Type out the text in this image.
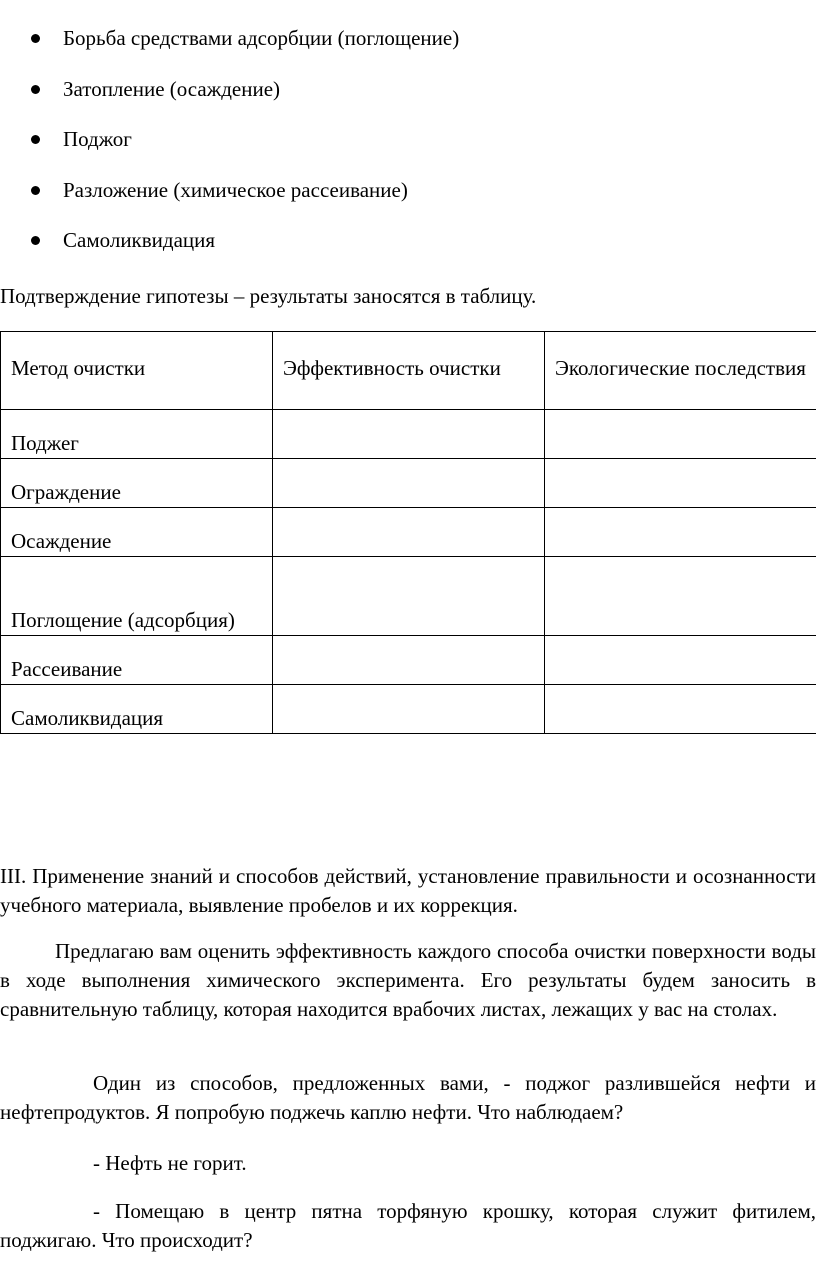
Борьба средствами адсорбции (поглощение)
Затопление (осаждение)
Поджог
Разложение (химическое рассеивание)
Самоликвидация

Подтверждение гипотезы – результаты заносятся в таблицу.

Метод очистки	Эффективность очистки	Экологические последствия
Поджег		
Ограждение		
Осаждение		
Поглощение (адсорбция)		
Рассеивание		
Самоликвидация		

III. Применение знаний и способов действий, установление правильности и осознанности учебного материала, выявление пробелов и их коррекция.

Предлагаю вам оценить эффективность каждого способа очистки поверхности воды в ходе выполнения химического эксперимента. Его результаты будем заносить в сравнительную таблицу, которая находится врабочих листах, лежащих у вас на столах.

Один из способов, предложенных вами, - поджог разлившейся нефти и нефтепродуктов. Я попробую поджечь каплю нефти. Что наблюдаем?

- Нефть не горит.

- Помещаю в центр пятна торфяную крошку, которая служит фитилем, поджигаю. Что происходит?
